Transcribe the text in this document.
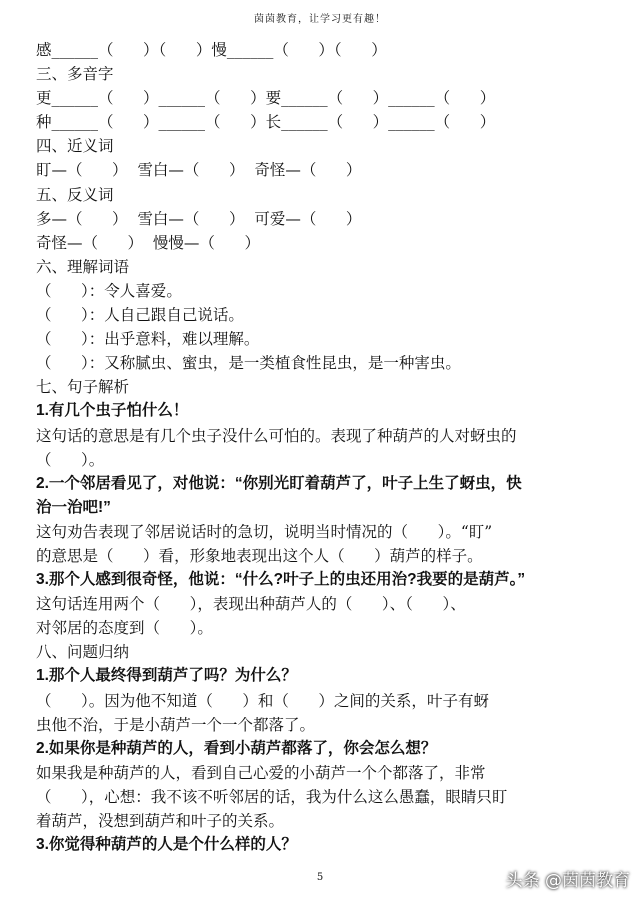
茵茵教育，让学习更有趣！
感______（      ）（      ）慢______（      ）（      ）
三、多音字
更______（      ）______（      ）要______（      ）______（      ）
种______（      ）______（      ）长______（      ）______（      ）
四、近义词
盯—（      ）  雪白—（      ）  奇怪—（      ）
五、反义词
多—（      ）  雪白—（      ）  可爱—（      ）
奇怪—（      ）  慢慢—（      ）
六、理解词语
（      ）：令人喜爱。
（      ）：人自己跟自己说话。
（      ）：出乎意料，难以理解。
（      ）：又称腻虫、蜜虫，是一类植食性昆虫，是一种害虫。
七、句子解析
1.有几个虫子怕什么！
这句话的意思是有几个虫子没什么可怕的。表现了种葫芦的人对蚜虫的
（      ）。
2.一个邻居看见了，对他说：“你别光盯着葫芦了，叶子上生了蚜虫，快
治一治吧!”
这句劝告表现了邻居说话时的急切，说明当时情况的（      ）。“盯”
的意思是（      ）看，形象地表现出这个人（      ）葫芦的样子。
3.那个人感到很奇怪，他说：“什么?叶子上的虫还用治?我要的是葫芦。”
这句话连用两个（      ），表现出种葫芦人的（      ）、（      ）、
对邻居的态度到（      ）。
八、问题归纳
1.那个人最终得到葫芦了吗？为什么？
（      ）。因为他不知道（      ）和（      ）之间的关系，叶子有蚜
虫他不治，于是小葫芦一个一个都落了。
2.如果你是种葫芦的人，看到小葫芦都落了，你会怎么想？
如果我是种葫芦的人，看到自己心爱的小葫芦一个个都落了，非常
（      ），心想：我不该不听邻居的话，我为什么这么愚蠢，眼睛只盯
着葫芦，没想到葫芦和叶子的关系。
3.你觉得种葫芦的人是个什么样的人？
5	头条 @茵茵教育
